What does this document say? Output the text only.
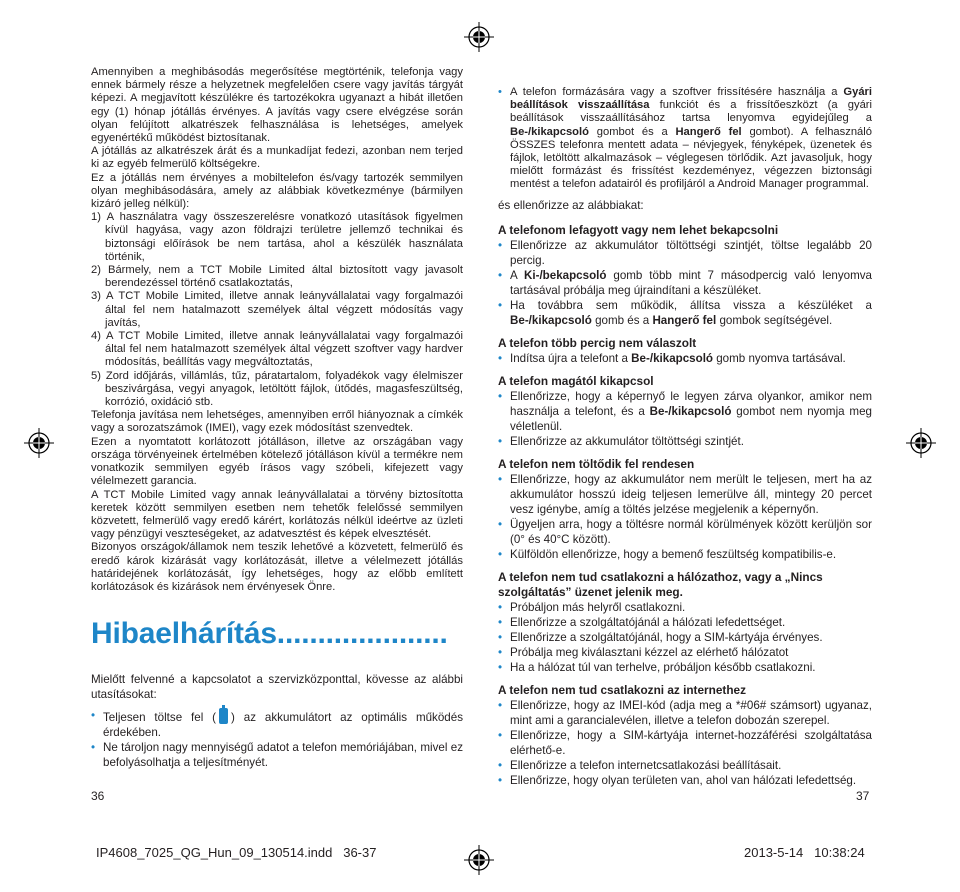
Amennyiben a meghibásodás megerősítése megtörténik, telefonja vagy ennek bármely része a helyzetnek megfelelően csere vagy javítás tárgyát képezi. A megjavított készülékre és tartozékokra ugyanazt a hibát illetően egy (1) hónap jótállás érvényes. A javítás vagy csere elvégzése során olyan felújított alkatrészek felhasználása is lehetséges, amelyek egyenértékű működést biztosítanak.

A jótállás az alkatrészek árát és a munkadíjat fedezi, azonban nem terjed ki az egyéb felmerülő költségekre.

Ez a jótállás nem érvényes a mobiltelefon és/vagy tartozék semmilyen olyan meghibásodására, amely az alábbiak következménye (bármilyen kizáró jelleg nélkül):

1) A használatra vagy összeszerelésre vonatkozó utasítások figyelmen kívül hagyása, vagy azon földrajzi területre jellemző technikai és biztonsági előírások be nem tartása, ahol a készülék használata történik,

2) Bármely, nem a TCT Mobile Limited által biztosított vagy javasolt berendezéssel történő csatlakoztatás,

3) A TCT Mobile Limited, illetve annak leányvállalatai vagy forgalmazói által fel nem hatalmazott személyek által végzett módosítás vagy javítás,

4) A TCT Mobile Limited, illetve annak leányvállalatai vagy forgalmazói által fel nem hatalmazott személyek által végzett szoftver vagy hardver módosítás, beállítás vagy megváltoztatás,

5) Zord időjárás, villámlás, tűz, páratartalom, folyadékok vagy élelmiszer beszivárgása, vegyi anyagok, letöltött fájlok, ütődés, magasfeszültség, korrózió, oxidáció stb.

Telefonja javítása nem lehetséges, amennyiben erről hiányoznak a címkék vagy a sorozatszámok (IMEI), vagy ezek módosítást szenvedtek.

Ezen a nyomtatott korlátozott jótálláson, illetve az országában vagy országa törvényeinek értelmében kötelező jótálláson kívül a termékre nem vonatkozik semmilyen egyéb írásos vagy szóbeli, kifejezett vagy vélelmezett garancia.

A TCT Mobile Limited vagy annak leányvállalatai a törvény biztosította keretek között semmilyen esetben nem tehetők felelőssé semmilyen közvetett, felmerülő vagy eredő kárért, korlátozás nélkül ideértve az üzleti vagy pénzügyi veszteségeket, az adatvesztést és képek elvesztését.

Bizonyos országok/államok nem teszik lehetővé a közvetett, felmerülő és eredő károk kizárását vagy korlátozását, illetve a vélelmezett jótállás határidejének korlátozását, így lehetséges, hogy az előbb említett korlátozások és kizárások nem érvényesek Önre.

Hibaelhárítás.....................

Mielőtt felvenné a kapcsolatot a szervizközponttal, kövesse az alábbi utasításokat:

• Teljesen töltse fel ( ) az akkumulátort az optimális működés érdekében.

• Ne tároljon nagy mennyiségű adatot a telefon memóriájában, mivel ez befolyásolhatja a teljesítményét.

• A telefon formázására vagy a szoftver frissítésére használja a Gyári beállítások visszaállítása funkciót és a frissítőeszközt (a gyári beállítások visszaállításához tartsa lenyomva egyidejűleg a Be-/kikapcsoló gombot és a Hangerő fel gombot). A felhasználó ÖSSZES telefonra mentett adata – névjegyek, fényképek, üzenetek és fájlok, letöltött alkalmazások – véglegesen törlődik. Azt javasoljuk, hogy mielőtt formázást és frissítést kezdeményez, végezzen biztonsági mentést a telefon adatairól és profiljáról a Android Manager programmal.

és ellenőrizze az alábbiakat:

A telefonom lefagyott vagy nem lehet bekapcsolni

• Ellenőrizze az akkumulátor töltöttségi szintjét, töltse legalább 20 percig.

• A Ki-/bekapcsoló gomb több mint 7 másodpercig való lenyomva tartásával próbálja meg újraindítani a készüléket.

• Ha továbbra sem működik, állítsa vissza a készüléket a Be-/kikapcsoló gomb és a Hangerő fel gombok segítségével.

A telefon több percig nem válaszolt

• Indítsa újra a telefont a Be-/kikapcsoló gomb nyomva tartásával.

A telefon magától kikapcsol

• Ellenőrizze, hogy a képernyő le legyen zárva olyankor, amikor nem használja a telefont, és a Be-/kikapcsoló gombot nem nyomja meg véletlenül.

• Ellenőrizze az akkumulátor töltöttségi szintjét.

A telefon nem töltődik fel rendesen

• Ellenőrizze, hogy az akkumulátor nem merült le teljesen, mert ha az akkumulátor hosszú ideig teljesen lemerülve áll, mintegy 20 percet vesz igénybe, amíg a töltés jelzése megjelenik a képernyőn.

• Ügyeljen arra, hogy a töltésre normál körülmények között kerüljön sor (0° és 40°C között).

• Külföldön ellenőrizze, hogy a bemenő feszültség kompatibilis-e.

A telefon nem tud csatlakozni a hálózathoz, vagy a „Nincs szolgáltatás” üzenet jelenik meg.

• Próbáljon más helyről csatlakozni.

• Ellenőrizze a szolgáltatójánál a hálózati lefedettséget.

• Ellenőrizze a szolgáltatójánál, hogy a SIM-kártyája érvényes.

• Próbálja meg kiválasztani kézzel az elérhető hálózatot

• Ha a hálózat túl van terhelve, próbáljon később csatlakozni.

A telefon nem tud csatlakozni az internethez

• Ellenőrizze, hogy az IMEI-kód (adja meg a *#06# számsort) ugyanaz, mint ami a garancialevélen, illetve a telefon dobozán szerepel.

• Ellenőrizze, hogy a SIM-kártyája internet-hozzáférési szolgáltatása elérhető-e.

• Ellenőrizze a telefon internetcsatlakozási beállításait.

• Ellenőrizze, hogy olyan területen van, ahol van hálózati lefedettség.

36	37
IP4608_7025_QG_Hun_09_130514.indd   36-37	2013-5-14   10:38:24
